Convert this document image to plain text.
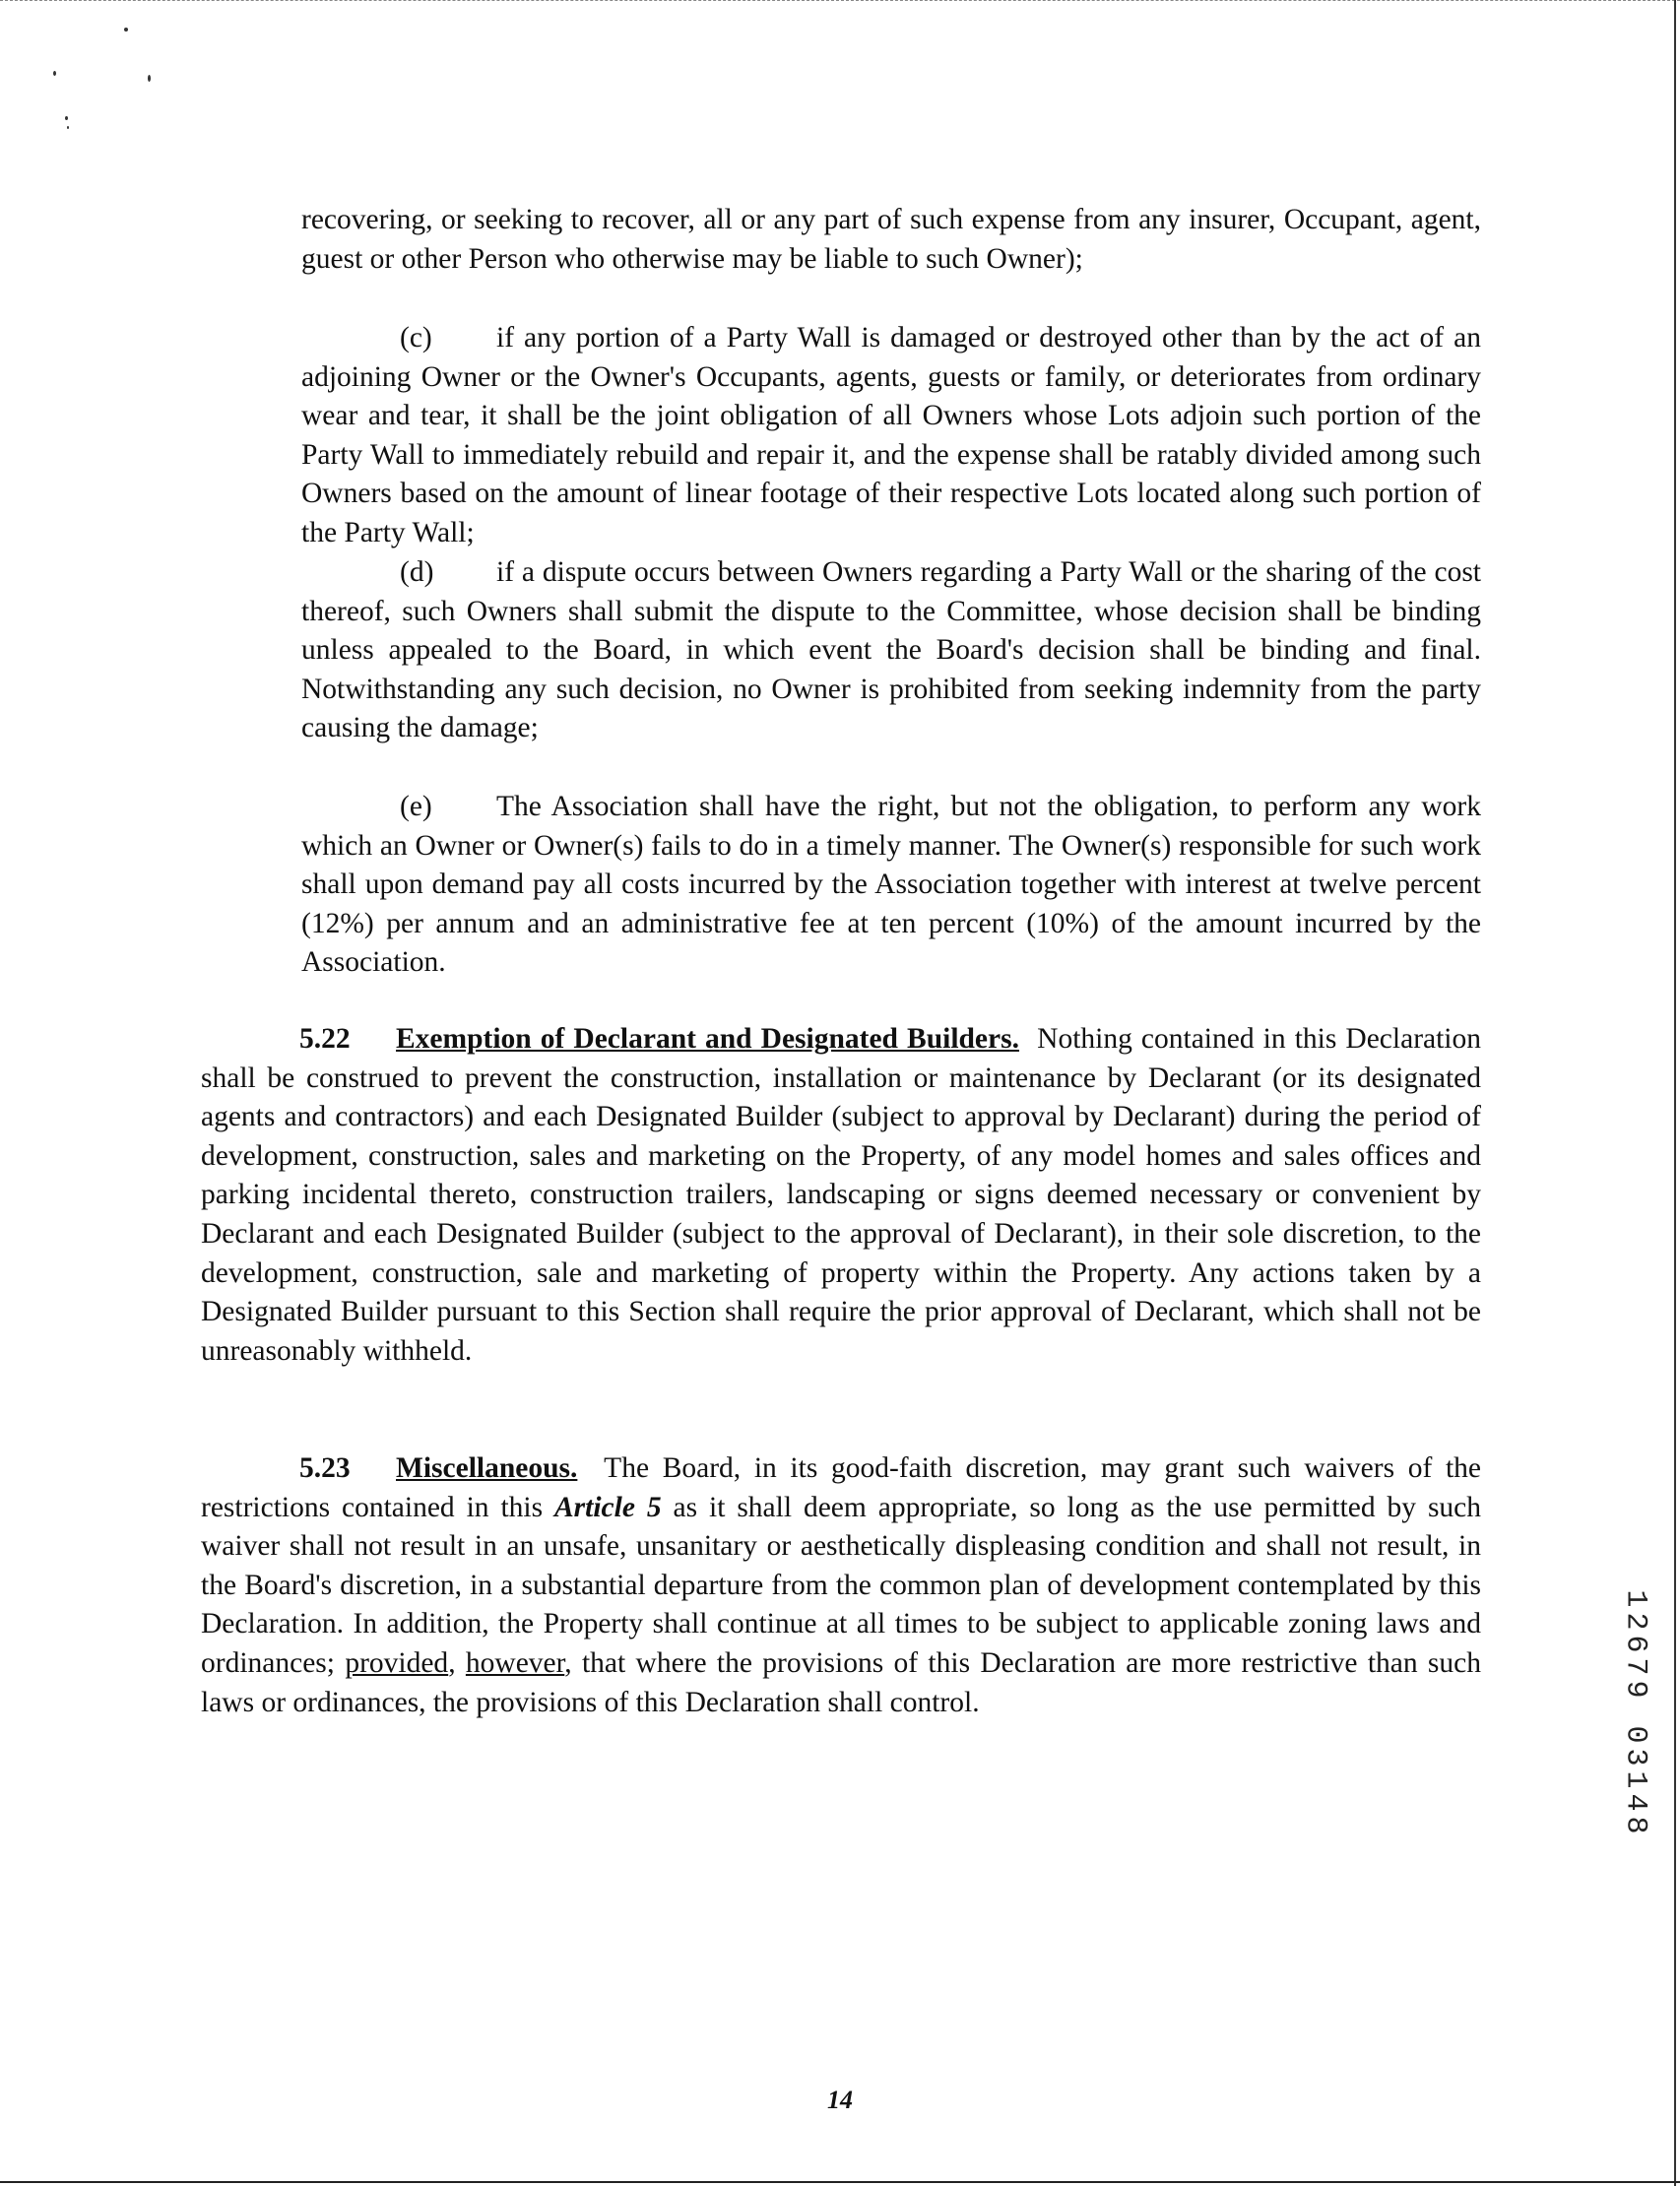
recovering, or seeking to recover, all or any part of such expense from any insurer, Occupant, agent, guest or other Person who otherwise may be liable to such Owner);

(c) if any portion of a Party Wall is damaged or destroyed other than by the act of an adjoining Owner or the Owner's Occupants, agents, guests or family, or deteriorates from ordinary wear and tear, it shall be the joint obligation of all Owners whose Lots adjoin such portion of the Party Wall to immediately rebuild and repair it, and the expense shall be ratably divided among such Owners based on the amount of linear footage of their respective Lots located along such portion of the Party Wall;

(d) if a dispute occurs between Owners regarding a Party Wall or the sharing of the cost thereof, such Owners shall submit the dispute to the Committee, whose decision shall be binding unless appealed to the Board, in which event the Board's decision shall be binding and final. Notwithstanding any such decision, no Owner is prohibited from seeking indemnity from the party causing the damage;

(e) The Association shall have the right, but not the obligation, to perform any work which an Owner or Owner(s) fails to do in a timely manner. The Owner(s) responsible for such work shall upon demand pay all costs incurred by the Association together with interest at twelve percent (12%) per annum and an administrative fee at ten percent (10%) of the amount incurred by the Association.

5.22 Exemption of Declarant and Designated Builders. Nothing contained in this Declaration shall be construed to prevent the construction, installation or maintenance by Declarant (or its designated agents and contractors) and each Designated Builder (subject to approval by Declarant) during the period of development, construction, sales and marketing on the Property, of any model homes and sales offices and parking incidental thereto, construction trailers, landscaping or signs deemed necessary or convenient by Declarant and each Designated Builder (subject to the approval of Declarant), in their sole discretion, to the development, construction, sale and marketing of property within the Property. Any actions taken by a Designated Builder pursuant to this Section shall require the prior approval of Declarant, which shall not be unreasonably withheld.

5.23 Miscellaneous. The Board, in its good-faith discretion, may grant such waivers of the restrictions contained in this Article 5 as it shall deem appropriate, so long as the use permitted by such waiver shall not result in an unsafe, unsanitary or aesthetically displeasing condition and shall not result, in the Board's discretion, in a substantial departure from the common plan of development contemplated by this Declaration. In addition, the Property shall continue at all times to be subject to applicable zoning laws and ordinances; provided, however, that where the provisions of this Declaration are more restrictive than such laws or ordinances, the provisions of this Declaration shall control.

1
2
6
7
9
0
3
1
4
8
14
